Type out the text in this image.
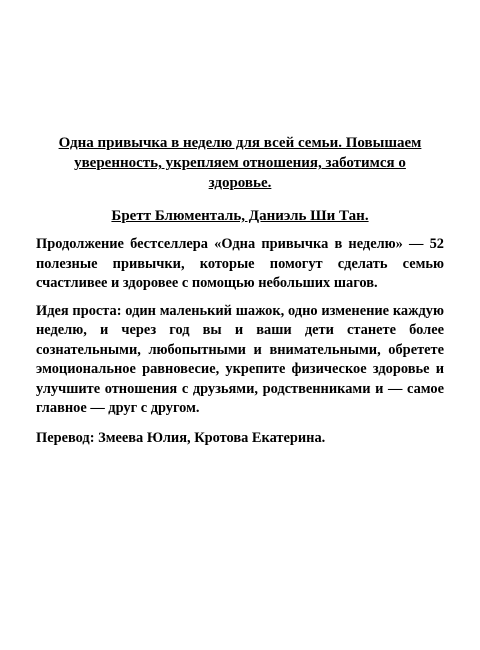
Одна привычка в неделю для всей семьи. Повышаем уверенность, укрепляем отношения, заботимся о здоровье.

Бретт Блюменталь, Даниэль Ши Тан.

Продолжение бестселлера «Одна привычка в неделю» — 52 полезные привычки, которые помогут сделать семью счастливее и здоровее с помощью небольших шагов.

Идея проста: один маленький шажок, одно изменение каждую неделю, и через год вы и ваши дети станете более сознательными, любопытными и внимательными, обретете эмоциональное равновесие, укрепите физическое здоровье и улучшите отношения с друзьями, родственниками и — самое главное — друг с другом.

Перевод: Змеева Юлия, Кротова Екатерина.
